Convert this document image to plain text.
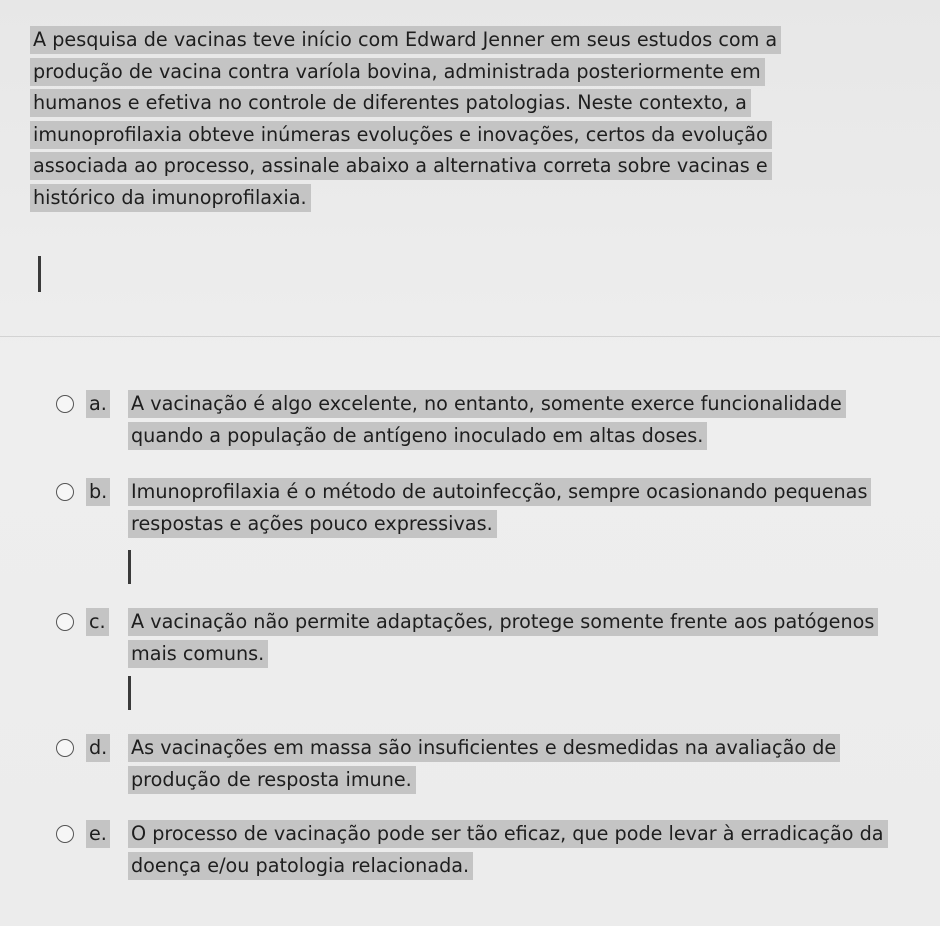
A pesquisa de vacinas teve início com Edward Jenner em seus estudos com a produção de vacina contra varíola bovina, administrada posteriormente em humanos e efetiva no controle de diferentes patologias. Neste contexto, a imunoprofilaxia obteve inúmeras evoluções e inovações, certos da evolução associada ao processo, assinale abaixo a alternativa correta sobre vacinas e histórico da imunoprofilaxia.
a.	A vacinação é algo excelente, no entanto, somente exerce funcionalidade quando a população de antígeno inoculado em altas doses.
b.	Imunoprofilaxia é o método de autoinfecção, sempre ocasionando pequenas respostas e ações pouco expressivas.
c.	A vacinação não permite adaptações, protege somente frente aos patógenos mais comuns.
d.	As vacinações em massa são insuficientes e desmedidas na avaliação de produção de resposta imune.
e.	O processo de vacinação pode ser tão eficaz, que pode levar à erradicação da doença e/ou patologia relacionada.
